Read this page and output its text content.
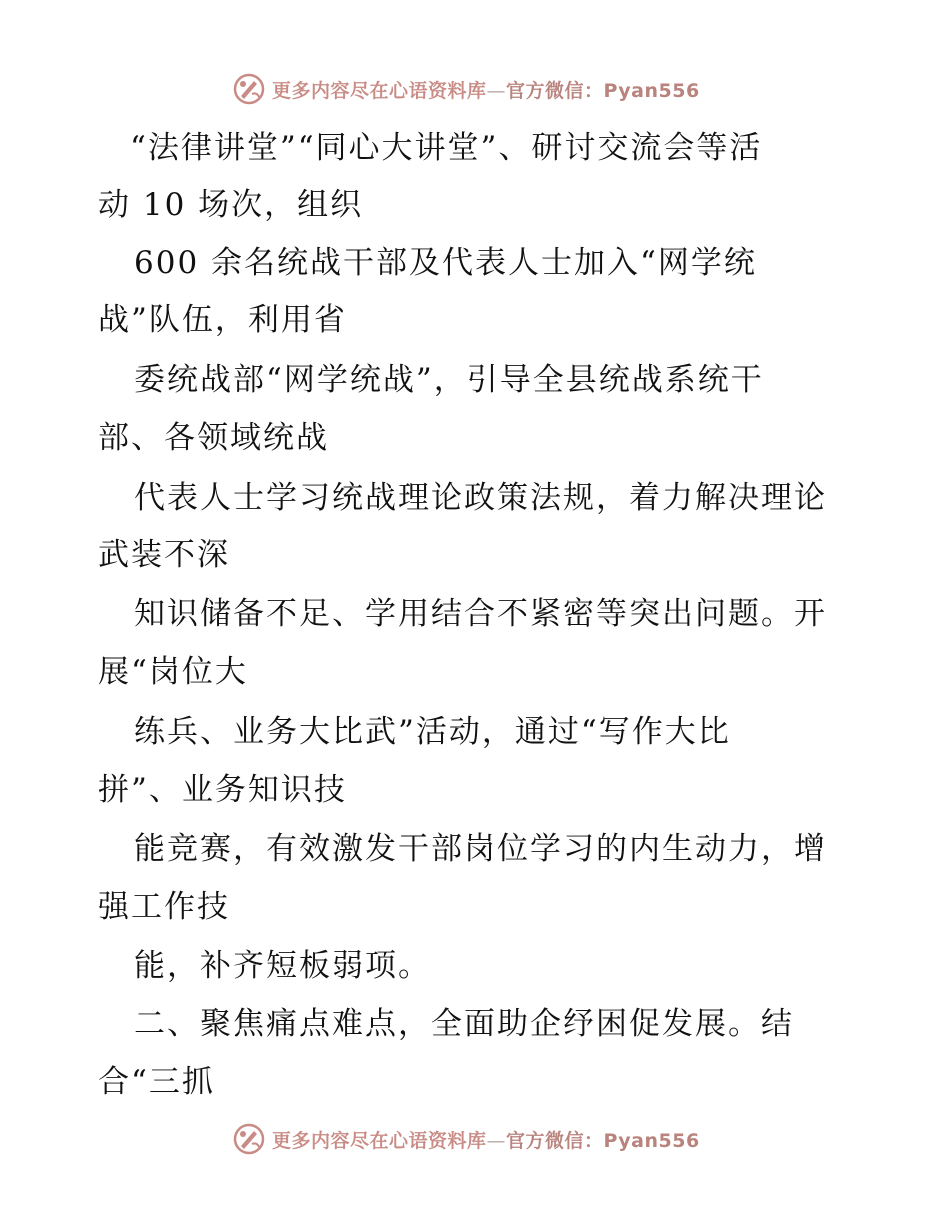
更多内容尽在心语资料库—官方微信：Pyan556
“法律讲堂”“同心大讲堂”、研讨交流会等活
动 10 场次，组织
600 余名统战干部及代表人士加入“网学统
战”队伍，利用省
委统战部“网学统战”，引导全县统战系统干
部、各领域统战
代表人士学习统战理论政策法规，着力解决理论
武装不深
知识储备不足、学用结合不紧密等突出问题。开
展“岗位大
练兵、业务大比武”活动，通过“写作大比
拼”、业务知识技
能竞赛，有效激发干部岗位学习的内生动力，增
强工作技
能，补齐短板弱项。
二、聚焦痛点难点，全面助企纾困促发展。结
合“三抓
更多内容尽在心语资料库—官方微信：Pyan556
